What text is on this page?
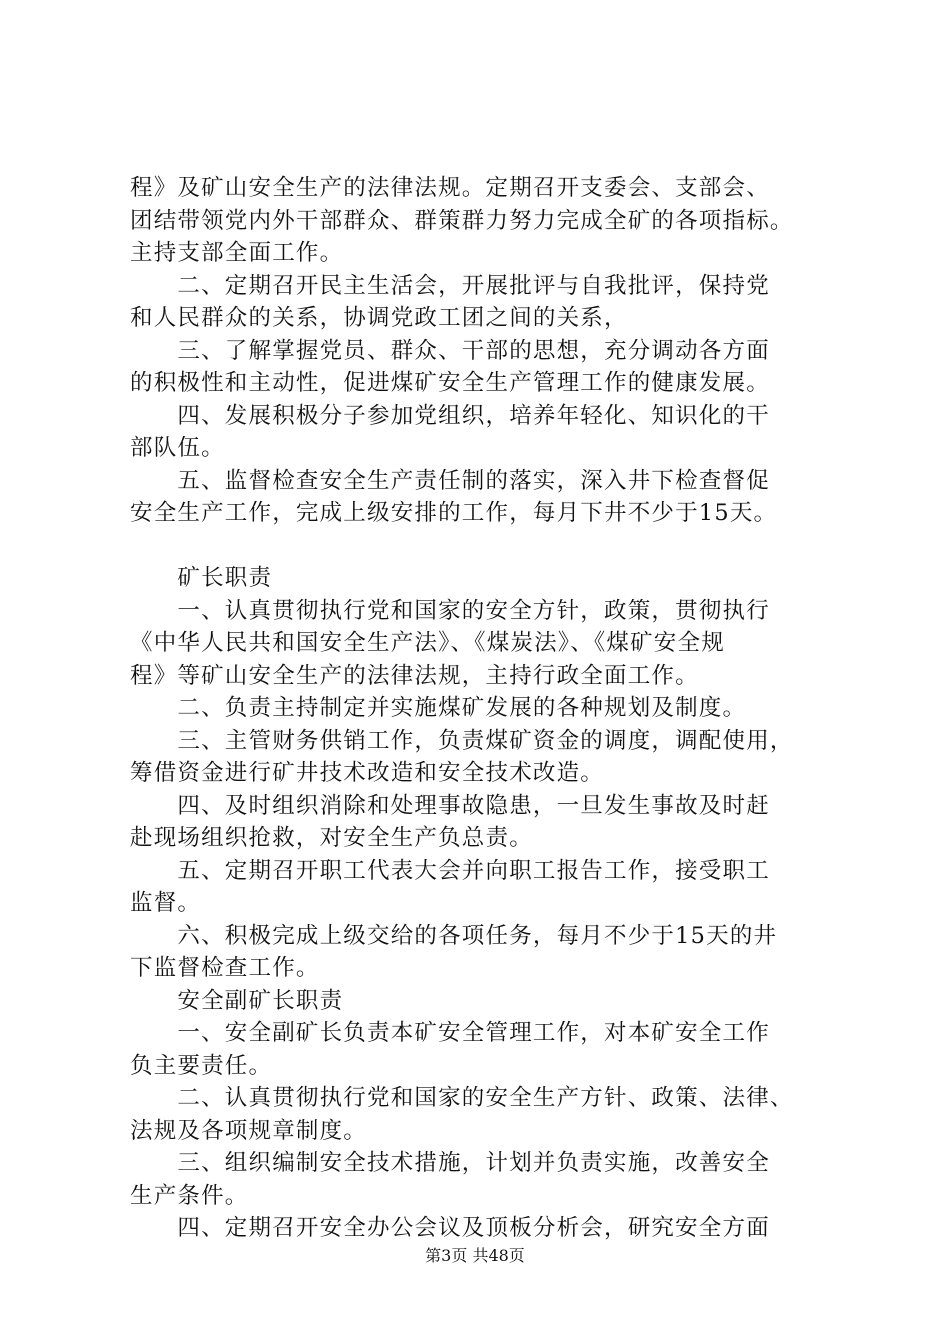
程》及矿山安全生产的法律法规。定期召开支委会、支部会、
团结带领党内外干部群众、群策群力努力完成全矿的各项指标。
主持支部全面工作。
　　二、定期召开民主生活会，开展批评与自我批评，保持党
和人民群众的关系，协调党政工团之间的关系，
　　三、了解掌握党员、群众、干部的思想，充分调动各方面
的积极性和主动性，促进煤矿安全生产管理工作的健康发展。
　　四、发展积极分子参加党组织，培养年轻化、知识化的干
部队伍。
　　五、监督检查安全生产责任制的落实，深入井下检查督促
安全生产工作，完成上级安排的工作，每月下井不少于15天。
　　矿长职责
　　一、认真贯彻执行党和国家的安全方针，政策，贯彻执行
《中华人民共和国安全生产法》、《煤炭法》、《煤矿安全规
程》等矿山安全生产的法律法规，主持行政全面工作。
　　二、负责主持制定并实施煤矿发展的各种规划及制度。
　　三、主管财务供销工作，负责煤矿资金的调度，调配使用，
筹借资金进行矿井技术改造和安全技术改造。
　　四、及时组织消除和处理事故隐患，一旦发生事故及时赶
赴现场组织抢救，对安全生产负总责。
　　五、定期召开职工代表大会并向职工报告工作，接受职工
监督。
　　六、积极完成上级交给的各项任务，每月不少于15天的井
下监督检查工作。
　　安全副矿长职责
　　一、安全副矿长负责本矿安全管理工作，对本矿安全工作
负主要责任。
　　二、认真贯彻执行党和国家的安全生产方针、政策、法律、
法规及各项规章制度。
　　三、组织编制安全技术措施，计划并负责实施，改善安全
生产条件。
　　四、定期召开安全办公会议及顶板分析会，研究安全方面
第3页 共48页
